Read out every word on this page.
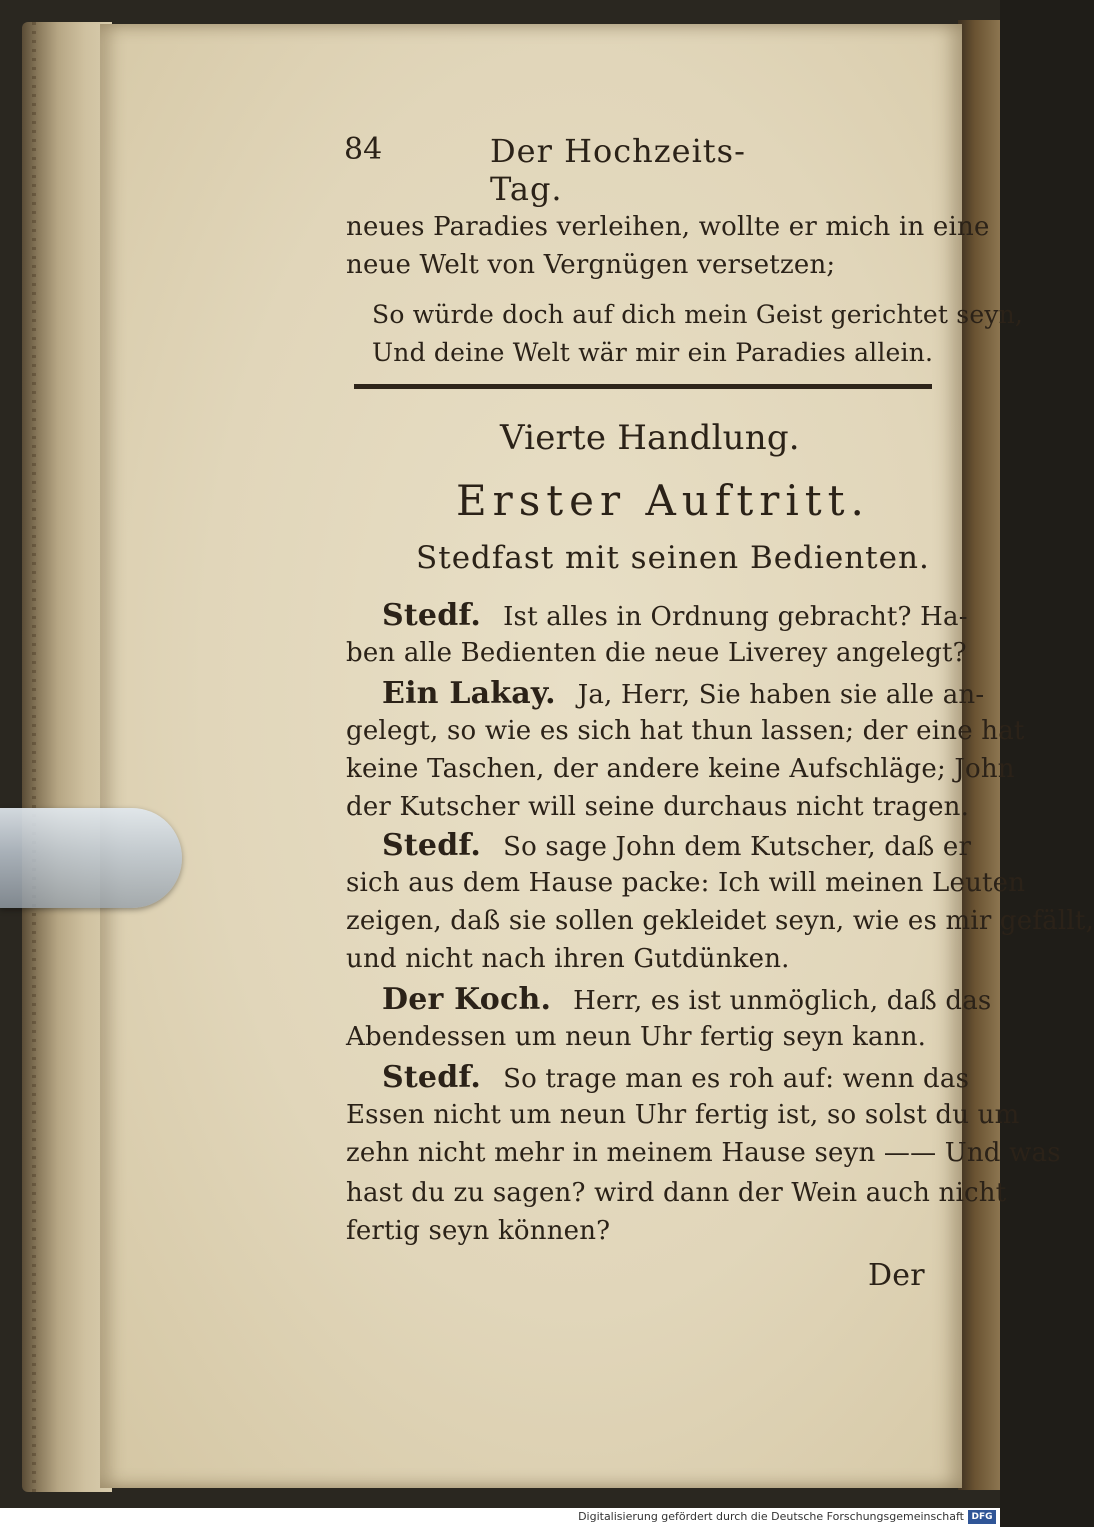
84	Der Hochzeits-Tag.

neues Paradies verleihen, wollte er mich in eine

neue Welt von Vergnügen versetzen;

So würde doch auf dich mein Geist gerichtet seyn,

Und deine Welt wär mir ein Paradies allein.

Vierte Handlung.

Erster Auftritt.

Stedfast mit seinen Bedienten.

Stedf. Ist alles in Ordnung gebracht? Ha-

ben alle Bedienten die neue Liverey angelegt?

Ein Lakay. Ja, Herr, Sie haben sie alle an-

gelegt, so wie es sich hat thun lassen; der eine hat

keine Taschen, der andere keine Aufschläge; John

der Kutscher will seine durchaus nicht tragen.

Stedf. So sage John dem Kutscher, daß er

sich aus dem Hause packe: Ich will meinen Leuten

zeigen, daß sie sollen gekleidet seyn, wie es mir gefällt,

und nicht nach ihren Gutdünken.

Der Koch. Herr, es ist unmöglich, daß das

Abendessen um neun Uhr fertig seyn kann.

Stedf. So trage man es roh auf: wenn das

Essen nicht um neun Uhr fertig ist, so solst du um

zehn nicht mehr in meinem Hause seyn —— Und was

hast du zu sagen? wird dann der Wein auch nicht

fertig seyn können?

Der

Digitalisierung gefördert durch die Deutsche Forschungsgemeinschaft DFG
